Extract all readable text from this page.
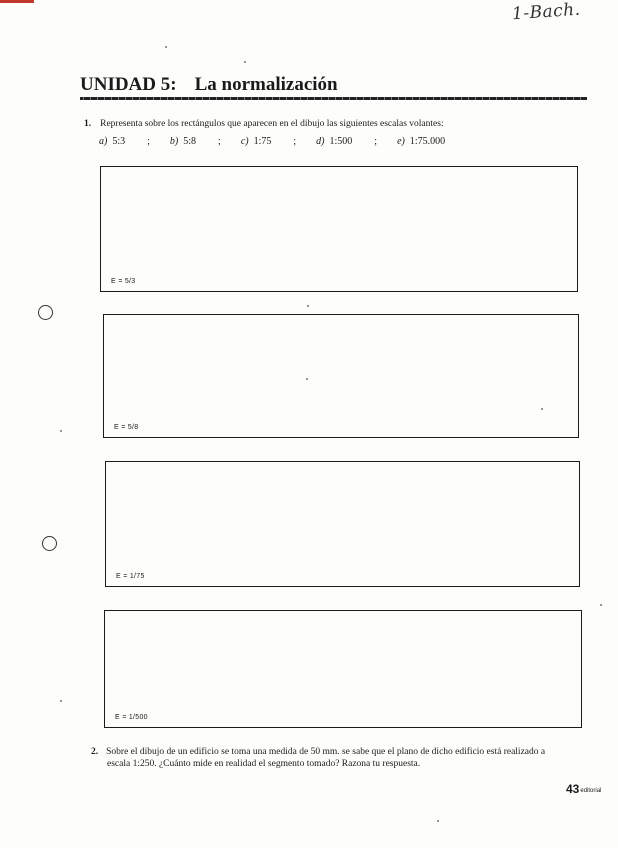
1-Bach.
UNIDAD 5: La normalización
1. Representa sobre los rectángulos que aparecen en el dibujo las siguientes escalas volantes:
a) 5:3 ; b) 5:8 ; c) 1:75 ; d) 1:500 ; e) 1:75.000
E = 5/3
E = 5/8
E = 1/75
E = 1/500
2. Sobre el dibujo de un edificio se toma una medida de 50 mm. se sabe que el plano de dicho edificio está realizado a
escala 1:250. ¿Cuánto mide en realidad el segmento tomado? Razona tu respuesta.
43editorial
